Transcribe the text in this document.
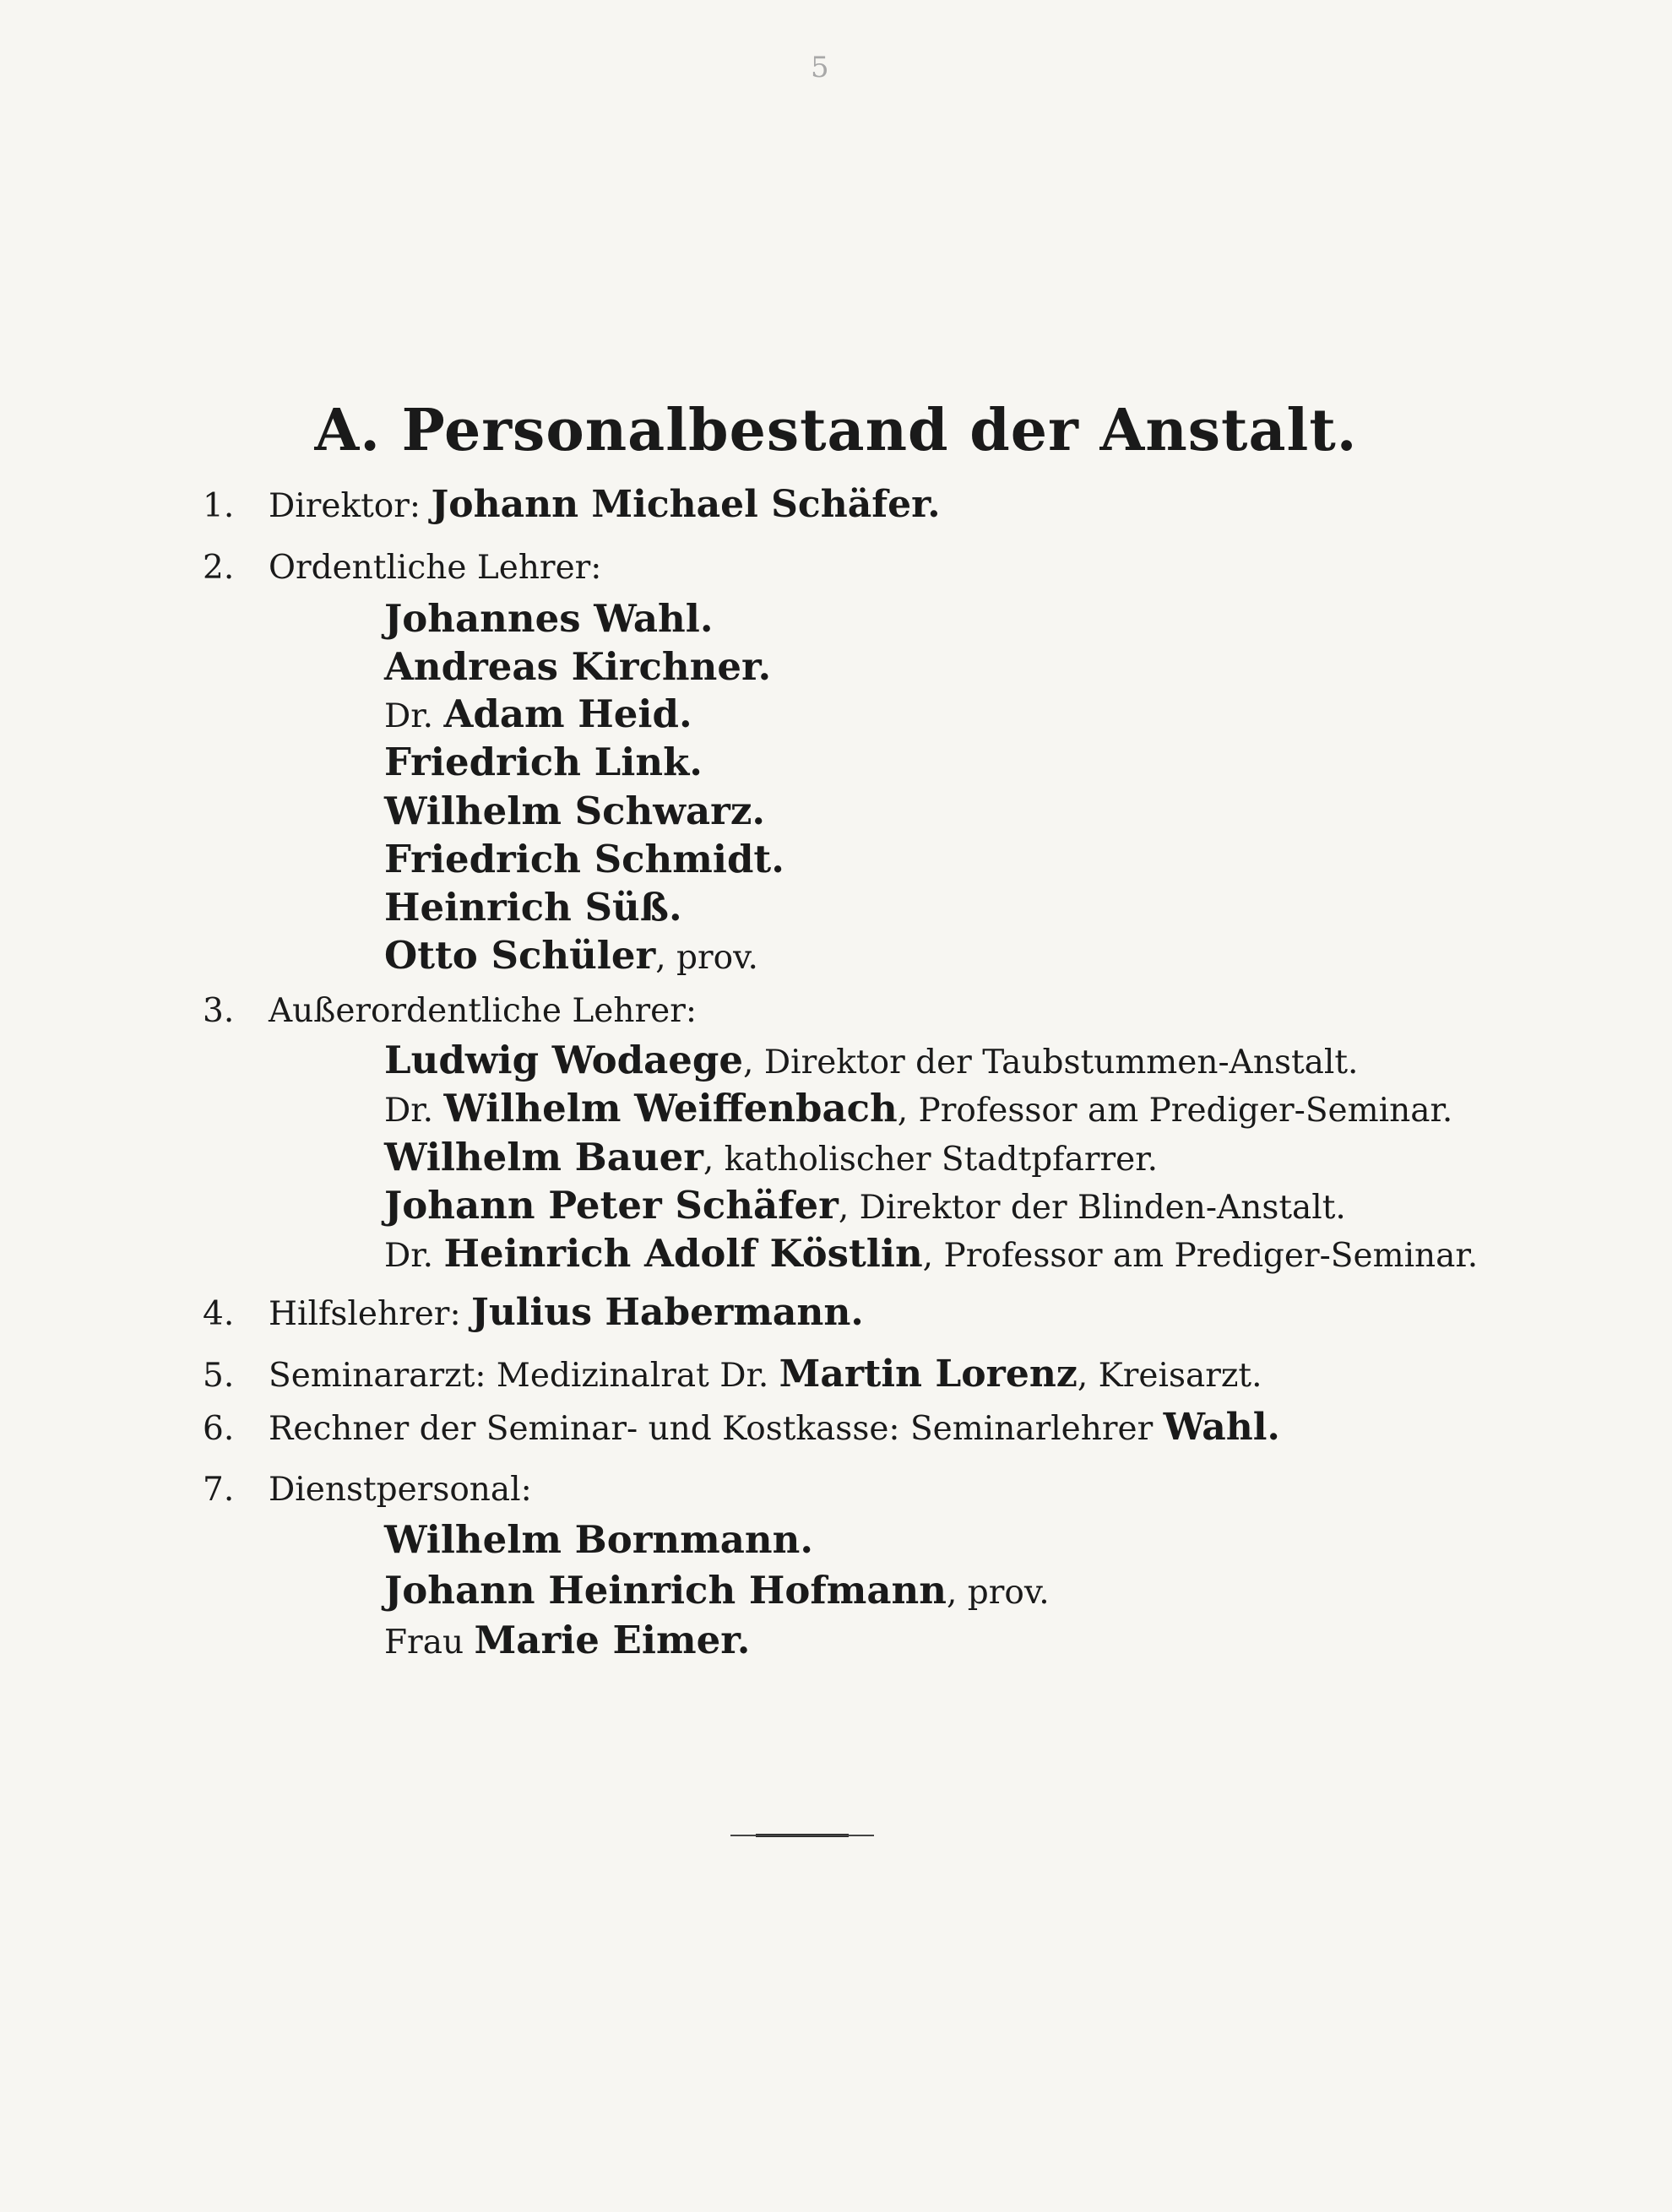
5
A. Personalbestand der Anstalt.
1. Direktor: Johann Michael Schäfer.
2. Ordentliche Lehrer:
Johannes Wahl.
Andreas Kirchner.
Dr. Adam Heid.
Friedrich Link.
Wilhelm Schwarz.
Friedrich Schmidt.
Heinrich Süß.
Otto Schüler, prov.
3. Außerordentliche Lehrer:
Ludwig Wodaege, Direktor der Taubstummen-Anstalt.
Dr. Wilhelm Weiffenbach, Professor am Prediger-Seminar.
Wilhelm Bauer, katholischer Stadtpfarrer.
Johann Peter Schäfer, Direktor der Blinden-Anstalt.
Dr. Heinrich Adolf Köstlin, Professor am Prediger-Seminar.
4. Hilfslehrer: Julius Habermann.
5. Seminararzt: Medizinalrat Dr. Martin Lorenz, Kreisarzt.
6. Rechner der Seminar- und Kostkasse: Seminarlehrer Wahl.
7. Dienstpersonal:
Wilhelm Bornmann.
Johann Heinrich Hofmann, prov.
Frau Marie Eimer.
